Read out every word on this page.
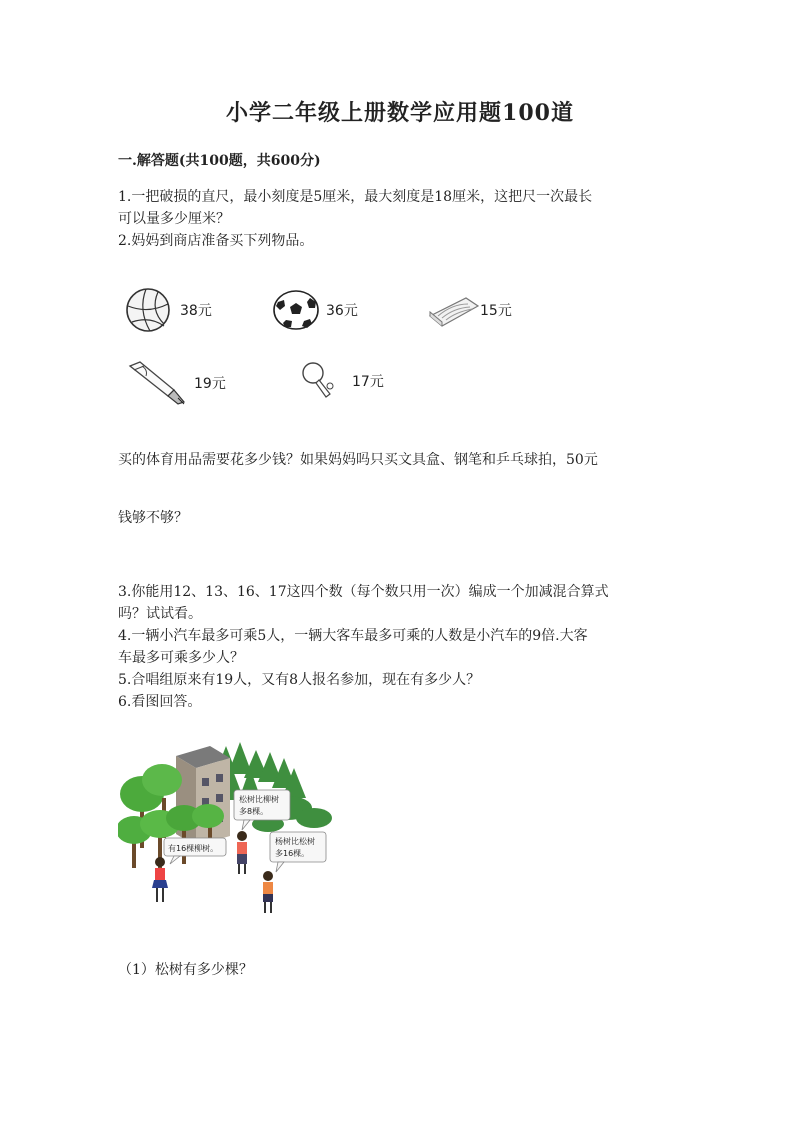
小学二年级上册数学应用题100道
一.解答题(共100题，共600分)
1.一把破损的直尺，最小刻度是5厘米，最大刻度是18厘米，这把尺一次最长
可以量多少厘米？
2.妈妈到商店准备买下列物品。
38元	36元	15元
19元	17元
买的体育用品需要花多少钱？如果妈妈吗只买文具盒、钢笔和乒乓球拍，50元
钱够不够？
3.你能用12、13、16、17这四个数（每个数只用一次）编成一个加减混合算式
吗？试试看。
4.一辆小汽车最多可乘5人，一辆大客车最多可乘的人数是小汽车的9倍.大客
车最多可乘多少人？
5.合唱组原来有19人，又有8人报名参加，现在有多少人？
6.看图回答。
松树比柳树
多8棵。
有16棵柳树。
杨树比松树
多16棵。
（1）松树有多少棵？
